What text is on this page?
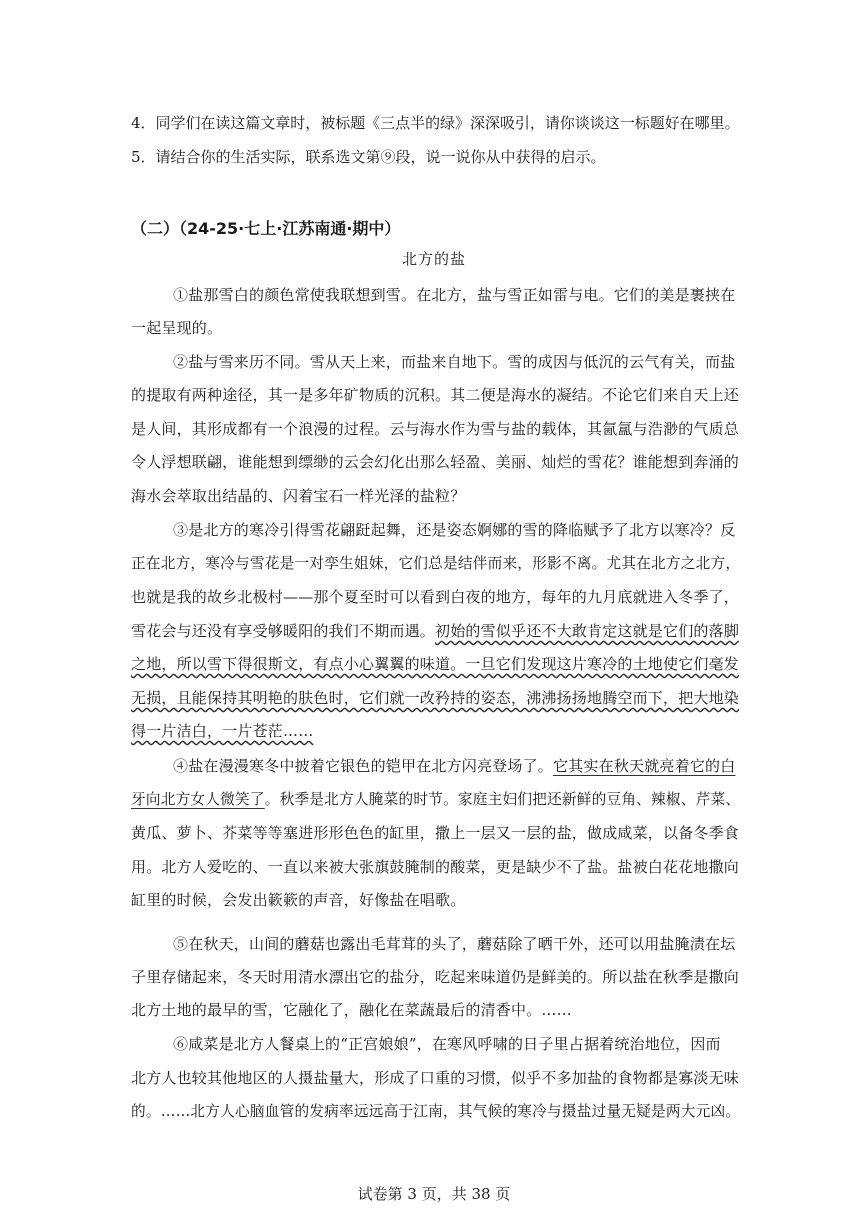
4．同学们在读这篇文章时，被标题《三点半的绿》深深吸引，请你谈谈这一标题好在哪里。
5．请结合你的生活实际，联系选文第⑨段，说一说你从中获得的启示。
（二）（24-25·七上·江苏南通·期中）
北方的盐
①盐那雪白的颜色常使我联想到雪。在北方，盐与雪正如雷与电。它们的美是裹挟在
一起呈现的。
②盐与雪来历不同。雪从天上来，而盐来自地下。雪的成因与低沉的云气有关，而盐
的提取有两种途径，其一是多年矿物质的沉积。其二便是海水的凝结。不论它们来自天上还
是人间，其形成都有一个浪漫的过程。云与海水作为雪与盐的载体，其氤氲与浩渺的气质总
令人浮想联翩，谁能想到缥缈的云会幻化出那么轻盈、美丽、灿烂的雪花？谁能想到奔涌的
海水会萃取出结晶的、闪着宝石一样光泽的盐粒？
③是北方的寒冷引得雪花翩跹起舞，还是姿态婀娜的雪的降临赋予了北方以寒冷？反
正在北方，寒冷与雪花是一对孪生姐妹，它们总是结伴而来，形影不离。尤其在北方之北方，
也就是我的故乡北极村——那个夏至时可以看到白夜的地方，每年的九月底就进入冬季了，
雪花会与还没有享受够暖阳的我们不期而遇。初始的雪似乎还不大敢肯定这就是它们的落脚
之地，所以雪下得很斯文，有点小心翼翼的味道。一旦它们发现这片寒冷的土地使它们毫发
无损，且能保持其明艳的肤色时，它们就一改矜持的姿态，沸沸扬扬地腾空而下，把大地染
得一片洁白，一片苍茫……
④盐在漫漫寒冬中披着它银色的铠甲在北方闪亮登场了。它其实在秋天就亮着它的白
牙向北方女人微笑了。秋季是北方人腌菜的时节。家庭主妇们把还新鲜的豆角、辣椒、芹菜、
黄瓜、萝卜、芥菜等等塞进形形色色的缸里，撒上一层又一层的盐，做成咸菜，以备冬季食
用。北方人爱吃的、一直以来被大张旗鼓腌制的酸菜，更是缺少不了盐。盐被白花花地撒向
缸里的时候，会发出簌簌的声音，好像盐在唱歌。
⑤在秋天，山间的蘑菇也露出毛茸茸的头了，蘑菇除了晒干外，还可以用盐腌渍在坛
子里存储起来，冬天时用清水漂出它的盐分，吃起来味道仍是鲜美的。所以盐在秋季是撒向
北方土地的最早的雪，它融化了，融化在菜蔬最后的清香中。……
⑥咸菜是北方人餐桌上的“正宫娘娘”，在寒风呼啸的日子里占据着统治地位，因而
北方人也较其他地区的人摄盐量大，形成了口重的习惯，似乎不多加盐的食物都是寡淡无味
的。……北方人心脑血管的发病率远远高于江南，其气候的寒冷与摄盐过量无疑是两大元凶。
试卷第 3 页，共 38 页
